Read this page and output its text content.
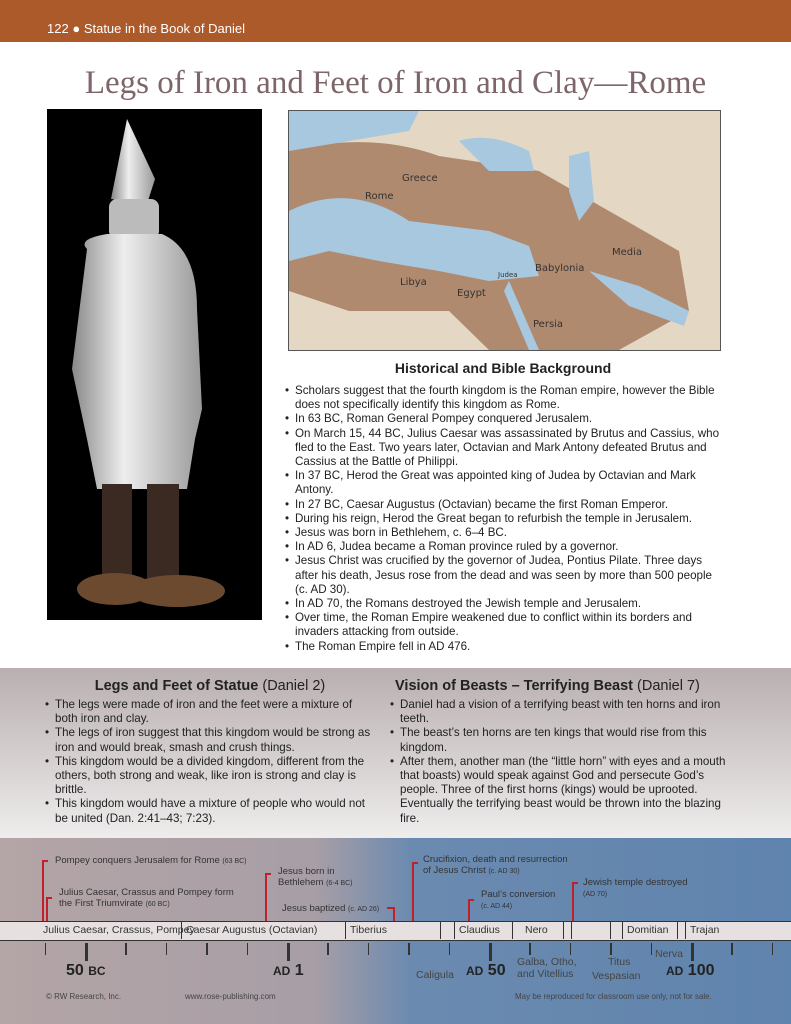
122 ● Statue in the Book of Daniel
Legs of Iron and Feet of Iron and Clay—Rome
Greece
Rome
Libya
Egypt
Judea
Babylonia
Media
Persia
Historical and Bible Background
• Scholars suggest that the fourth kingdom is the Roman empire, however the Bible does not specifically identify this kingdom as Rome.
• In 63 BC, Roman General Pompey conquered Jerusalem.
• On March 15, 44 BC, Julius Caesar was assassinated by Brutus and Cassius, who fled to the East. Two years later, Octavian and Mark Antony defeated Brutus and Cassius at the Battle of Philippi.
• In 37 BC, Herod the Great was appointed king of Judea by Octavian and Mark Antony.
• In 27 BC, Caesar Augustus (Octavian) became the first Roman Emperor.
• During his reign, Herod the Great began to refurbish the temple in Jerusalem.
• Jesus was born in Bethlehem, c. 6–4 BC.
• In AD 6, Judea became a Roman province ruled by a governor.
• Jesus Christ was crucified by the governor of Judea, Pontius Pilate. Three days after his death, Jesus rose from the dead and was seen by more than 500 people (c. AD 30).
• In AD 70, the Romans destroyed the Jewish temple and Jerusalem.
• Over time, the Roman Empire weakened due to conflict within its borders and invaders attacking from outside.
• The Roman Empire fell in AD 476.
Legs and Feet of Statue (Daniel 2)
• The legs were made of iron and the feet were a mixture of both iron and clay.
• The legs of iron suggest that this kingdom would be strong as iron and would break, smash and crush things.
• This kingdom would be a divided kingdom, different from the others, both strong and weak, like iron is strong and clay is brittle.
• This kingdom would have a mixture of people who would not be united (Dan. 2:41–43; 7:23).
Vision of Beasts – Terrifying Beast (Daniel 7)
• Daniel had a vision of a terrifying beast with ten horns and iron teeth.
• The beast’s ten horns are ten kings that would rise from this kingdom.
• After them, another man (the “little horn” with eyes and a mouth that boasts) would speak against God and persecute God’s people. Three of the first horns (kings) would be uprooted. Eventually the terrifying beast would be thrown into the blazing fire.
Pompey conquers Jerusalem for Rome (63 BC)
Julius Caesar, Crassus and Pompey form the First Triumvirate (60 BC)
Jesus born in Bethlehem (6-4 BC)
Jesus baptized (c. AD 26)
Crucifixion, death and resurrection of Jesus Christ (c. AD 30)
Paul’s conversion
(c. AD 44)
Jewish temple destroyed
(AD 70)
Julius Caesar, Crassus, Pompey
Caesar Augustus (Octavian)	Tiberius	Claudius	Nero	Domitian	Trajan
50 BC	AD 1	AD 50	AD 100
Caligula
Galba, Otho, and Vitellius	Vespasian
Titus
Nerva
© RW Research, Inc.	www.rose-publishing.com	May be reproduced for classroom use only, not for sale.
